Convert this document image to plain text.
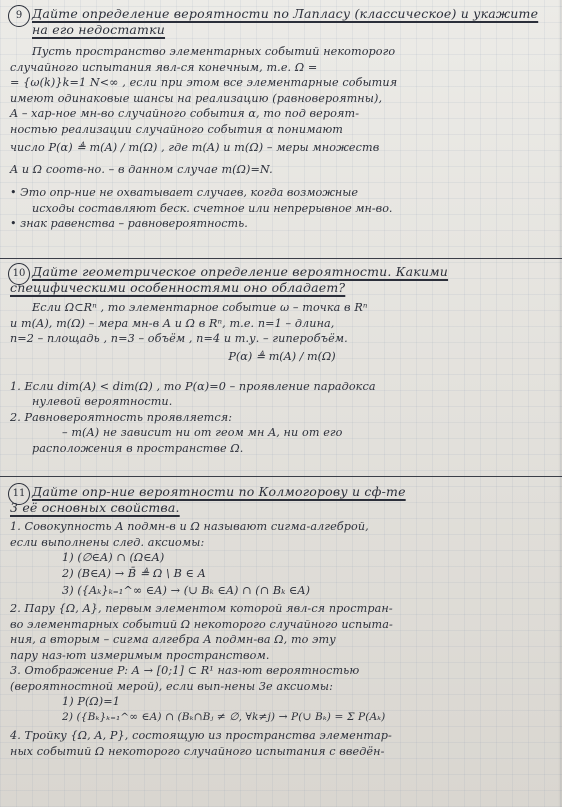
9 Дайте определение вероятности по Лапласу (классическое) и укажите на его недостатки
Пусть пространство элементарных событий некоторого
случайного испытания явл-ся конечным, т.е. Ω =
= {ω(k)}k=1 N<∞ , если при этом все элементарные события
имеют одинаковые шансы на реализацию (равновероятны),
A – хар-ное мн-во случайного события α, то под вероят-
ностью реализации случайного события α понимают
число P(α) ≜ m(A) / m(Ω) , где m(A) и m(Ω) – меры множеств
A и Ω соотв-но. – в данном случае m(Ω)=N.
• Это опр-ние не охватывает случаев, когда возможные
исходы составляют беск. счетное или непрерывное мн-во.
• знак равенства – равновероятность.
10 Дайте геометрическое определение вероятности. Какими
специфическими особенностями оно обладает?
Если Ω⊂Rⁿ , то элементарное событие ω – точка в Rⁿ
и m(A), m(Ω) – мера мн-в A и Ω в Rⁿ, т.е. n=1 – длина,
n=2 – площадь , n=3 – объём , n=4 и т.у. – гиперобъём.
P(α) ≜ m(A) / m(Ω)
1. Если dim(A) < dim(Ω) , то P(α)=0 – проявление парадокса
нулевой вероятности.
2. Равновероятность проявляется:
– m(A) не зависит ни от геом мн A, ни от его
расположения в пространстве Ω.
11 Дайте опр-ние вероятности по Колмогорову и сф-те
3 её основных свойства.
1. Совокупность A подмн-в и Ω называют сигма-алгеброй,
если выполнены след. аксиомы:
1) (∅∈A) ∩ (Ω∈A)
2) (B∈A) → B̄ ≜ Ω \ B ∈ A
3) ({Aₖ}ₖ₌₁^∞ ∈A) → (∪ Bₖ ∈A) ∩ (∩ Bₖ ∈A)
2. Пару {Ω, A}, первым элементом которой явл-ся простран-
во элементарных событий Ω некоторого случайного испыта-
ния, а вторым – сигма алгебра A подмн-ва Ω, то эту
пару наз-ют измеримым пространством.
3. Отображение P: A → [0;1] ⊂ R¹ наз-ют вероятностью
(вероятностной мерой), если вып-нены 3е аксиомы:
1) P(Ω)=1
2) ({Bₖ}ₖ₌₁^∞ ∈A) ∩ (Bₖ∩Bⱼ ≠ ∅, ∀k≠j) → P(∪ Bₖ) = Σ P(Aₖ)
4. Тройку {Ω, A, P}, состоящую из пространства элементар-
ных событий Ω некоторого случайного испытания с введён-
